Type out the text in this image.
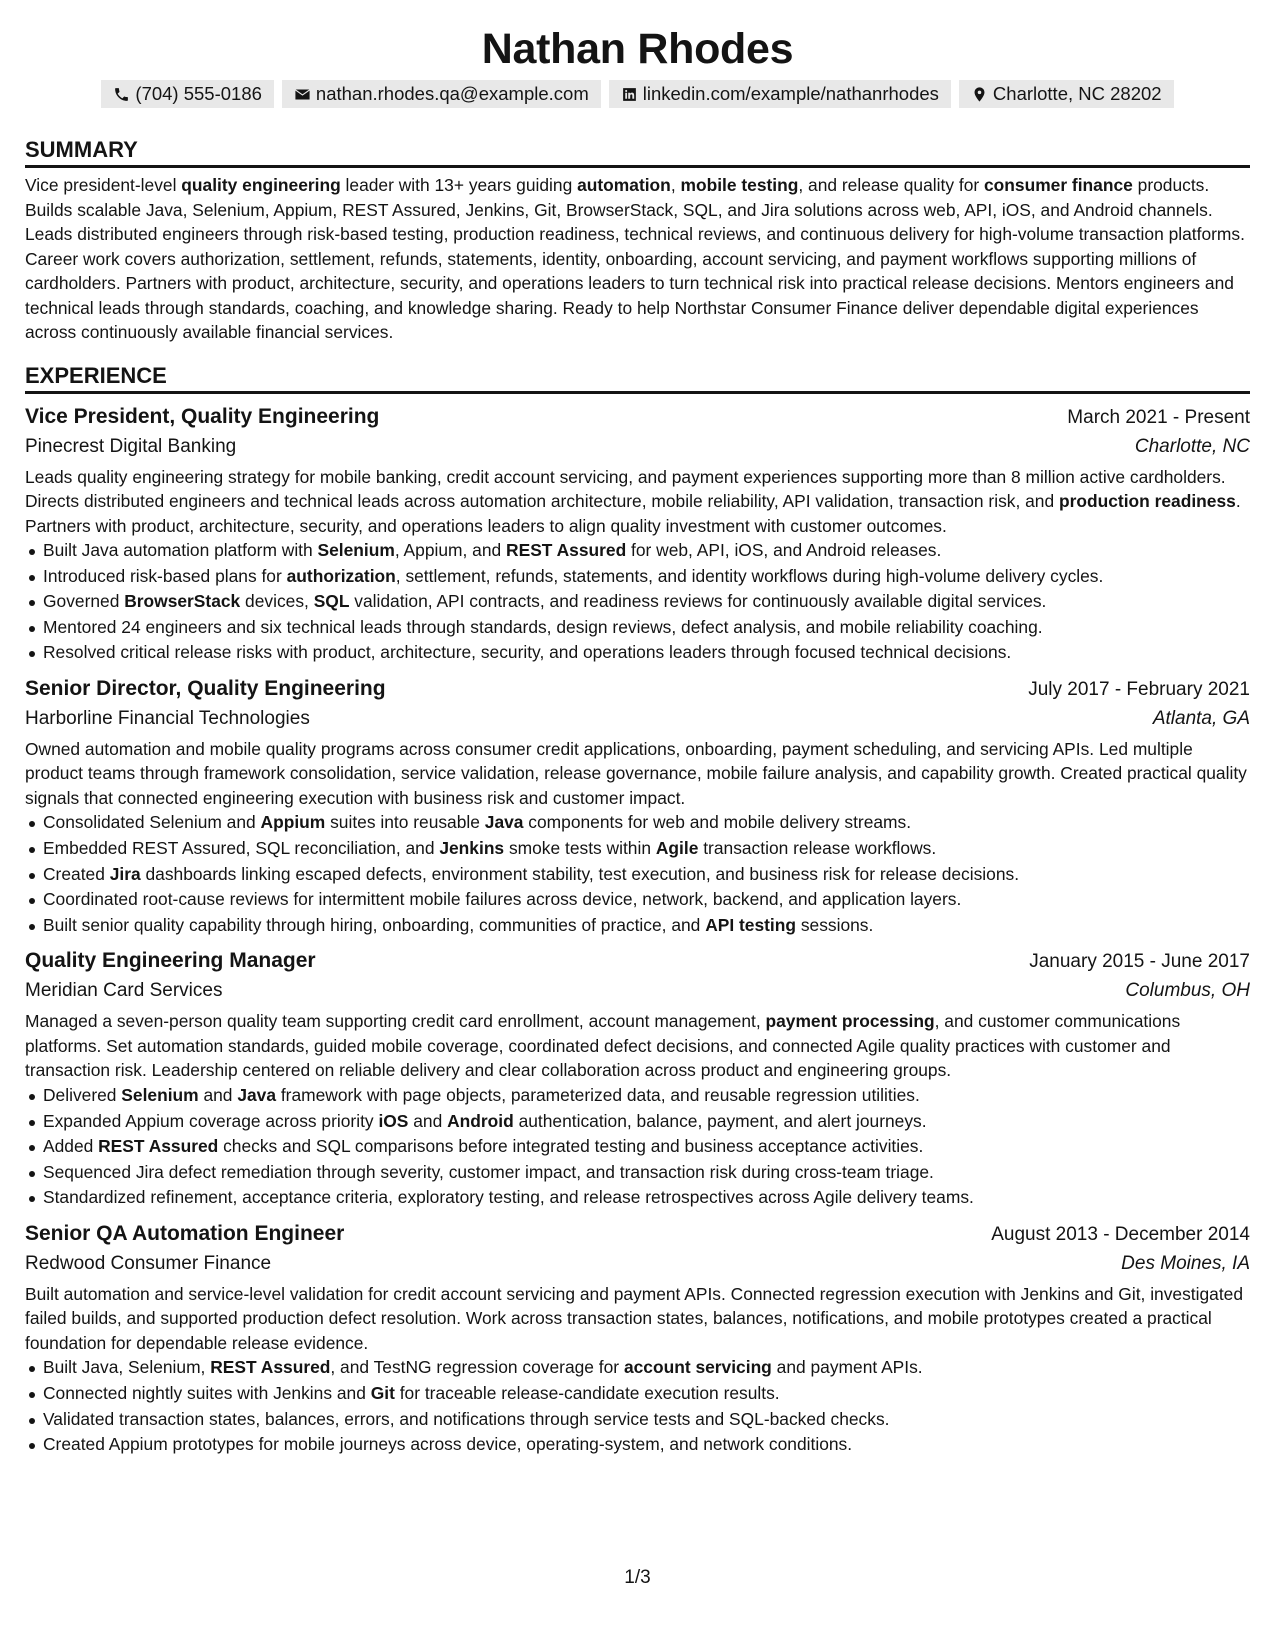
Nathan Rhodes
(704) 555-0186	nathan.rhodes.qa@example.com	linkedin.com/example/nathanrhodes	Charlotte, NC 28202
SUMMARY

Vice president-level quality engineering leader with 13+ years guiding automation, mobile testing, and release quality for consumer finance products. Builds scalable Java, Selenium, Appium, REST Assured, Jenkins, Git, BrowserStack, SQL, and Jira solutions across web, API, iOS, and Android channels. Leads distributed engineers through risk-based testing, production readiness, technical reviews, and continuous delivery for high-volume transaction platforms. Career work covers authorization, settlement, refunds, statements, identity, onboarding, account servicing, and payment workflows supporting millions of cardholders. Partners with product, architecture, security, and operations leaders to turn technical risk into practical release decisions. Mentors engineers and technical leads through standards, coaching, and knowledge sharing. Ready to help Northstar Consumer Finance deliver dependable digital experiences across continuously available financial services.

EXPERIENCE
Vice President, Quality Engineering	March 2021 - Present
Pinecrest Digital Banking	Charlotte, NC

Leads quality engineering strategy for mobile banking, credit account servicing, and payment experiences supporting more than 8 million active cardholders. Directs distributed engineers and technical leads across automation architecture, mobile reliability, API validation, transaction risk, and production readiness. Partners with product, architecture, security, and operations leaders to align quality investment with customer outcomes.

Built Java automation platform with Selenium, Appium, and REST Assured for web, API, iOS, and Android releases.
Introduced risk-based plans for authorization, settlement, refunds, statements, and identity workflows during high-volume delivery cycles.
Governed BrowserStack devices, SQL validation, API contracts, and readiness reviews for continuously available digital services.
Mentored 24 engineers and six technical leads through standards, design reviews, defect analysis, and mobile reliability coaching.
Resolved critical release risks with product, architecture, security, and operations leaders through focused technical decisions.
Senior Director, Quality Engineering	July 2017 - February 2021
Harborline Financial Technologies	Atlanta, GA

Owned automation and mobile quality programs across consumer credit applications, onboarding, payment scheduling, and servicing APIs. Led multiple product teams through framework consolidation, service validation, release governance, mobile failure analysis, and capability growth. Created practical quality signals that connected engineering execution with business risk and customer impact.

Consolidated Selenium and Appium suites into reusable Java components for web and mobile delivery streams.
Embedded REST Assured, SQL reconciliation, and Jenkins smoke tests within Agile transaction release workflows.
Created Jira dashboards linking escaped defects, environment stability, test execution, and business risk for release decisions.
Coordinated root-cause reviews for intermittent mobile failures across device, network, backend, and application layers.
Built senior quality capability through hiring, onboarding, communities of practice, and API testing sessions.
Quality Engineering Manager	January 2015 - June 2017
Meridian Card Services	Columbus, OH

Managed a seven-person quality team supporting credit card enrollment, account management, payment processing, and customer communications platforms. Set automation standards, guided mobile coverage, coordinated defect decisions, and connected Agile quality practices with customer and transaction risk. Leadership centered on reliable delivery and clear collaboration across product and engineering groups.

Delivered Selenium and Java framework with page objects, parameterized data, and reusable regression utilities.
Expanded Appium coverage across priority iOS and Android authentication, balance, payment, and alert journeys.
Added REST Assured checks and SQL comparisons before integrated testing and business acceptance activities.
Sequenced Jira defect remediation through severity, customer impact, and transaction risk during cross-team triage.
Standardized refinement, acceptance criteria, exploratory testing, and release retrospectives across Agile delivery teams.
Senior QA Automation Engineer	August 2013 - December 2014
Redwood Consumer Finance	Des Moines, IA

Built automation and service-level validation for credit account servicing and payment APIs. Connected regression execution with Jenkins and Git, investigated failed builds, and supported production defect resolution. Work across transaction states, balances, notifications, and mobile prototypes created a practical foundation for dependable release evidence.

Built Java, Selenium, REST Assured, and TestNG regression coverage for account servicing and payment APIs.
Connected nightly suites with Jenkins and Git for traceable release-candidate execution results.
Validated transaction states, balances, errors, and notifications through service tests and SQL-backed checks.
Created Appium prototypes for mobile journeys across device, operating-system, and network conditions.
1/3
